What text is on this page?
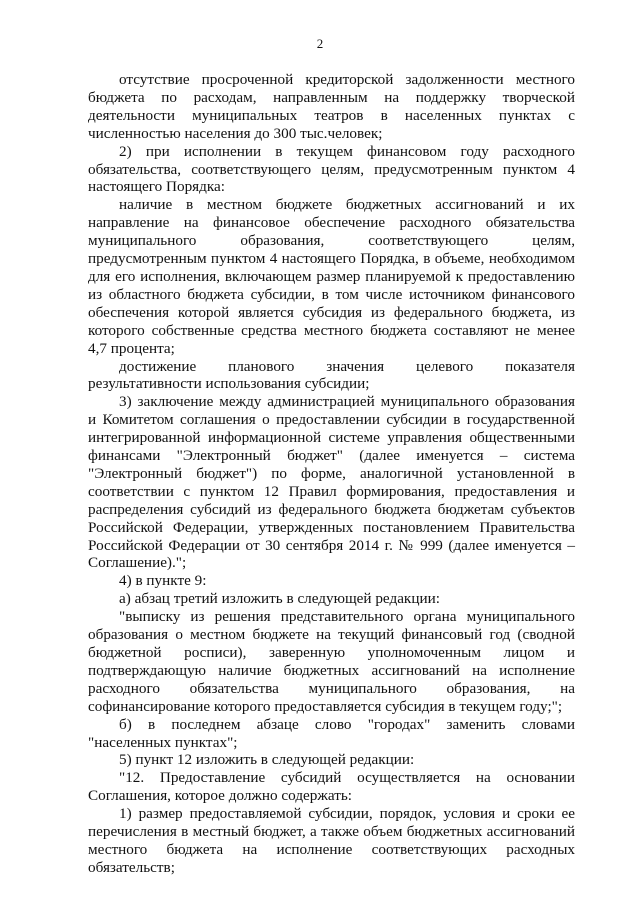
2

отсутствие просроченной кредиторской задолженности местного бюджета по расходам, направленным на поддержку творческой деятельности муниципальных театров в населенных пунктах с численностью населения до 300 тыс.человек;

2) при исполнении в текущем финансовом году расходного обязательства, соответствующего целям, предусмотренным пунктом 4 настоящего Порядка:

наличие в местном бюджете бюджетных ассигнований и их направление на финансовое обеспечение расходного обязательства муниципального образования, соответствующего целям, предусмотренным пунктом 4 настоящего Порядка, в объеме, необходимом для его исполнения, включающем размер планируемой к предоставлению из областного бюджета субсидии, в том числе источником финансового обеспечения которой является субсидия из федерального бюджета, из которого собственные средства местного бюджета составляют не менее 4,7 процента;

достижение планового значения целевого показателя результативности использования субсидии;

3) заключение между администрацией муниципального образования и Комитетом соглашения о предоставлении субсидии в государственной интегрированной информационной системе управления общественными финансами "Электронный бюджет" (далее именуется – система "Электронный бюджет") по форме, аналогичной установленной в соответствии с пунктом 12 Правил формирования, предоставления и распределения субсидий из федерального бюджета бюджетам субъектов Российской Федерации, утвержденных постановлением Правительства Российской Федерации от 30 сентября 2014 г. № 999 (далее именуется – Соглашение).";

4) в пункте 9:

а) абзац третий изложить в следующей редакции:

"выписку из решения представительного органа муниципального образования о местном бюджете на текущий финансовый год (сводной бюджетной росписи), заверенную уполномоченным лицом и подтверждающую наличие бюджетных ассигнований на исполнение расходного обязательства муниципального образования, на софинансирование которого предоставляется субсидия в текущем году;";

б) в последнем абзаце слово "городах" заменить словами "населенных пунктах";

5) пункт 12 изложить в следующей редакции:

"12. Предоставление субсидий осуществляется на основании Соглашения, которое должно содержать:

1) размер предоставляемой субсидии, порядок, условия и сроки ее перечисления в местный бюджет, а также объем бюджетных ассигнований местного бюджета на исполнение соответствующих расходных обязательств;
